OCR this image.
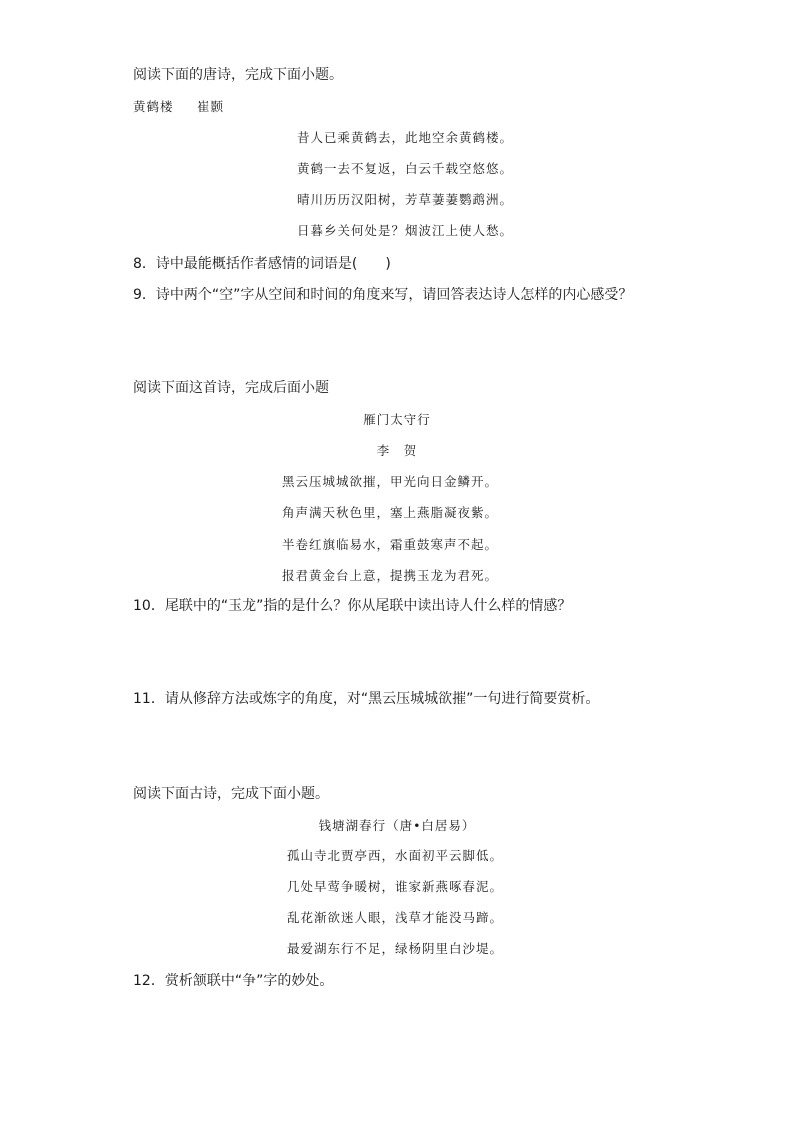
阅读下面的唐诗，完成下面小题。
黄鹤楼 崔颢
昔人已乘黄鹤去，此地空余黄鹤楼。
黄鹤一去不复返，白云千载空悠悠。
晴川历历汉阳树，芳草萋萋鹦鹉洲。
日暮乡关何处是？烟波江上使人愁。
8．诗中最能概括作者感情的词语是(　　)
9．诗中两个“空”字从空间和时间的角度来写，请回答表达诗人怎样的内心感受？
阅读下面这首诗，完成后面小题
雁门太守行
李　贺
黑云压城城欲摧，甲光向日金鳞开。
角声满天秋色里，塞上燕脂凝夜紫。
半卷红旗临易水，霜重鼓寒声不起。
报君黄金台上意，提携玉龙为君死。
10．尾联中的“玉龙”指的是什么？你从尾联中读出诗人什么样的情感？
11．请从修辞方法或炼字的角度，对“黑云压城城欲摧”一句进行简要赏析。
阅读下面古诗，完成下面小题。
钱塘湖春行（唐•白居易）
孤山寺北贾亭西，水面初平云脚低。
几处早莺争暖树，谁家新燕啄春泥。
乱花渐欲迷人眼，浅草才能没马蹄。
最爱湖东行不足，绿杨阴里白沙堤。
12．赏析颔联中“争”字的妙处。
